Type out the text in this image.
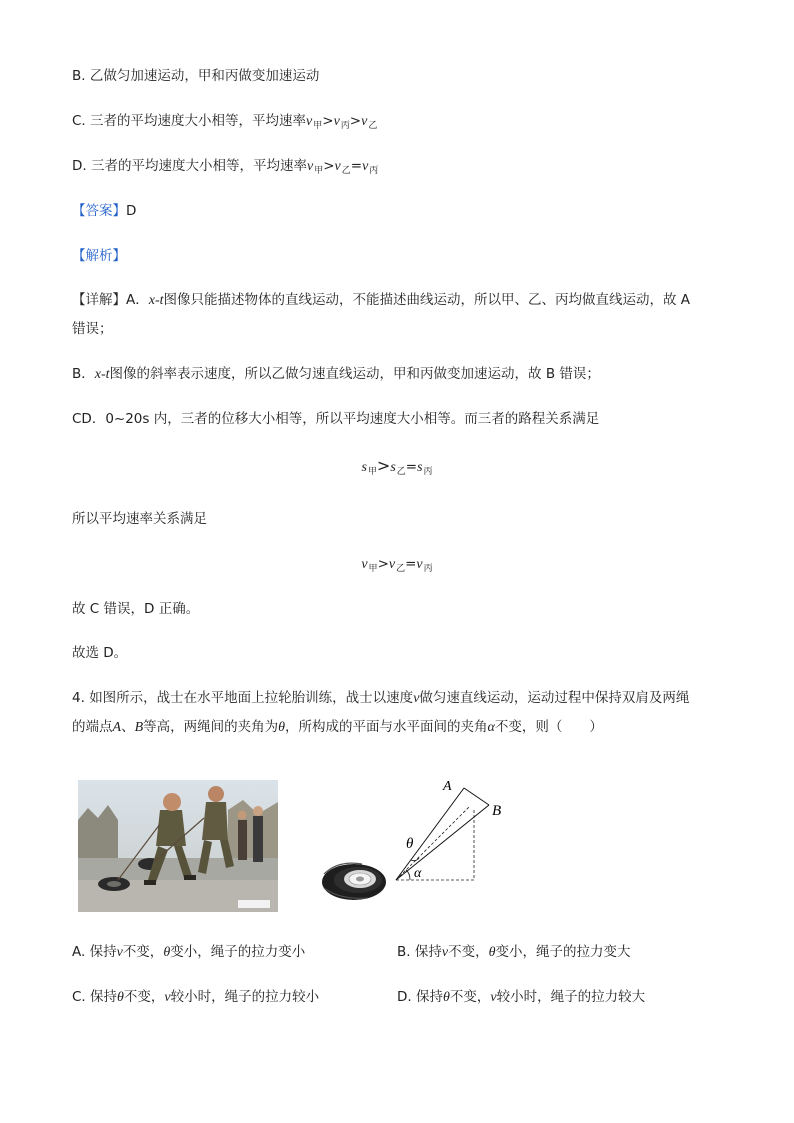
B. 乙做匀加速运动，甲和丙做变加速运动
C. 三者的平均速度大小相等，平均速率$v_甲>v_丙>v_乙$
D. 三者的平均速度大小相等，平均速率$v_甲>v_乙=v_丙$
【答案】D
【解析】
【详解】A．x-t图像只能描述物体的直线运动，不能描述曲线运动，所以甲、乙、丙均做直线运动，故 A
错误；
B．x-t图像的斜率表示速度，所以乙做匀速直线运动，甲和丙做变加速运动，故 B 错误；
CD．0~20s 内，三者的位移大小相等，所以平均速度大小相等。而三者的路程关系满足
$s_甲>s_乙=s_丙$
所以平均速率关系满足
$v_甲>v_乙=v_丙$
故 C 错误，D 正确。
故选 D。
4. 如图所示，战士在水平地面上拉轮胎训练，战士以速度v做匀速直线运动，运动过程中保持双肩及两绳
的端点A、B等高，两绳间的夹角为θ，所构成的平面与水平面间的夹角α不变，则（　　）
A
B
θ
α
A. 保持v不变，θ变小，绳子的拉力变小	B. 保持v不变，θ变小，绳子的拉力变大
C. 保持θ不变，v较小时，绳子的拉力较小	D. 保持θ不变，v较小时，绳子的拉力较大
